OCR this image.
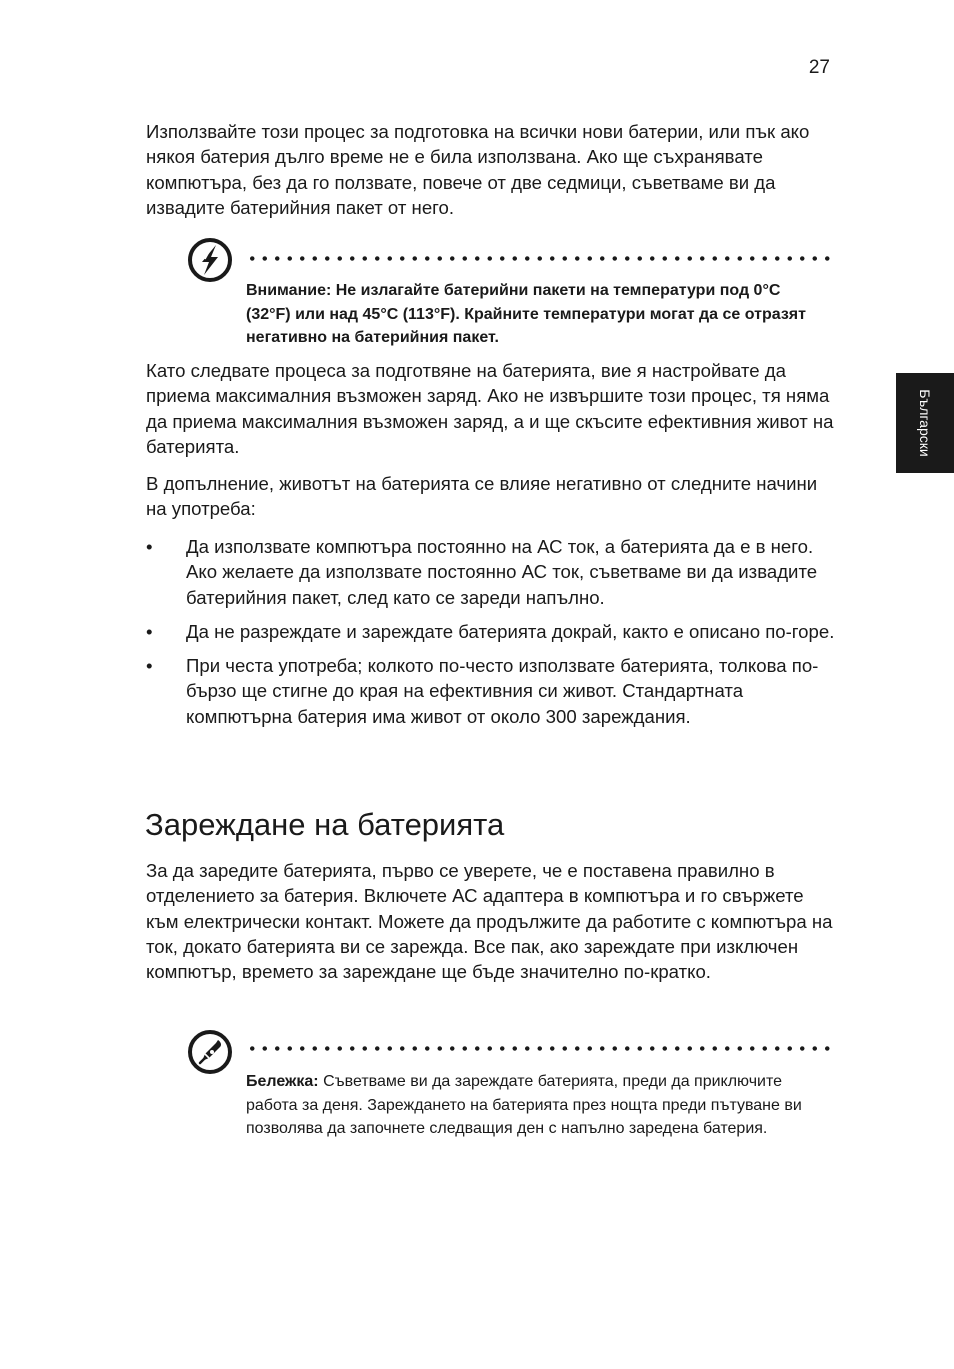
27
Български

Използвайте този процес за подготовка на всички нови батерии, или пък ако някоя батерия дълго време не е била използвана. Ако ще съхранявате компютъра, без да го ползвате, повече от две седмици, съветваме ви да извадите батерийния пакет от него.

Внимание: Не излагайте батерийни пакети на температури под 0°C (32°F) или над 45°C (113°F). Крайните температури могат да се отразят негативно на батерийния пакет.

Като следвате процеса за подготвяне на батерията, вие я настройвате да приема максималния възможен заряд. Ако не извършите този процес, тя няма да приема максималния възможен заряд, а и ще скъсите ефективния живот на батерията.

В допълнение, животът на батерията се влияе негативно от следните начини на употреба:

• Да използвате компютъра постоянно на АС ток, а батерията да е в него. Ако желаете да използвате постоянно АС ток, съветваме ви да извадите батерийния пакет, след като се зареди напълно.
• Да не разреждате и зареждате батерията докрай, както е описано по-горе.
• При честа употреба; колкото по-често използвате батерията, толкова по-бързо ще стигне до края на ефективния си живот. Стандартната компютърна батерия има живот от около 300 зареждания.
Зареждане на батерията

За да заредите батерията, първо се уверете, че е поставена правилно в отделението за батерия. Включете АС адаптера в компютъра и го свържете към електрически контакт. Можете да продължите да работите с компютъра на ток, докато батерията ви се зарежда. Все пак, ако зареждате при изключен компютър, времето за зареждане ще бъде значително по-кратко.

Бележка: Съветваме ви да зареждате батерията, преди да приключите работа за деня. Зареждането на батерията през нощта преди пътуване ви позволява да започнете следващия ден с напълно заредена батерия.
